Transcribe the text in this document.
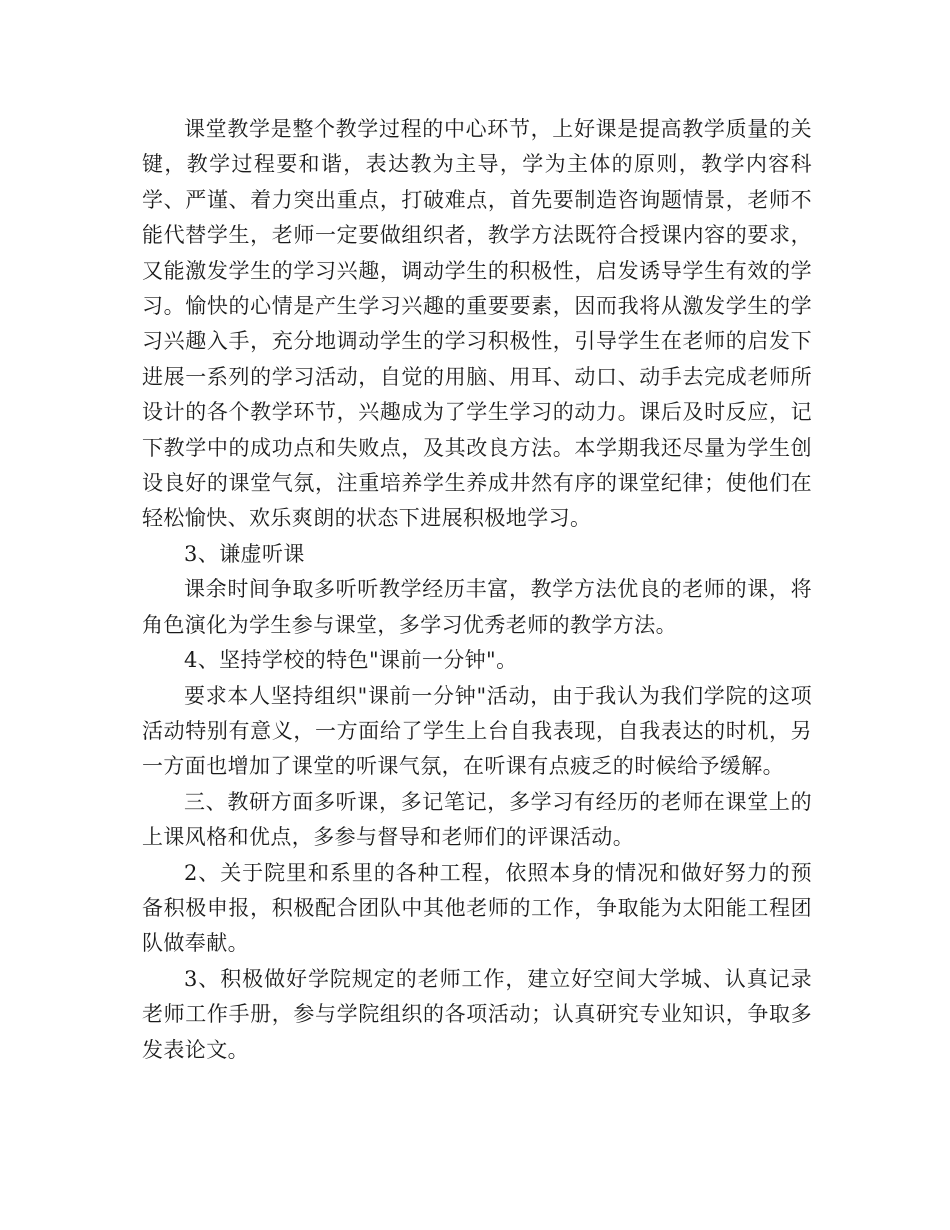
课堂教学是整个教学过程的中心环节，上好课是提高教学质量的关键，教学过程要和谐，表达教为主导，学为主体的原则，教学内容科学、严谨、着力突出重点，打破难点，首先要制造咨询题情景，老师不能代替学生，老师一定要做组织者，教学方法既符合授课内容的要求，又能激发学生的学习兴趣，调动学生的积极性，启发诱导学生有效的学习。愉快的心情是产生学习兴趣的重要要素，因而我将从激发学生的学习兴趣入手，充分地调动学生的学习积极性，引导学生在老师的启发下进展一系列的学习活动，自觉的用脑、用耳、动口、动手去完成老师所设计的各个教学环节，兴趣成为了学生学习的动力。课后及时反应，记下教学中的成功点和失败点，及其改良方法。本学期我还尽量为学生创设良好的课堂气氛，注重培养学生养成井然有序的课堂纪律；使他们在轻松愉快、欢乐爽朗的状态下进展积极地学习。

3、谦虚听课

课余时间争取多听听教学经历丰富，教学方法优良的老师的课，将角色演化为学生参与课堂，多学习优秀老师的教学方法。

4、坚持学校的特色"课前一分钟"。

要求本人坚持组织"课前一分钟"活动，由于我认为我们学院的这项活动特别有意义，一方面给了学生上台自我表现，自我表达的时机，另一方面也增加了课堂的听课气氛，在听课有点疲乏的时候给予缓解。

三、教研方面多听课，多记笔记，多学习有经历的老师在课堂上的上课风格和优点，多参与督导和老师们的评课活动。

2、关于院里和系里的各种工程，依照本身的情况和做好努力的预备积极申报，积极配合团队中其他老师的工作，争取能为太阳能工程团队做奉献。

3、积极做好学院规定的老师工作，建立好空间大学城、认真记录老师工作手册，参与学院组织的各项活动；认真研究专业知识，争取多发表论文。
